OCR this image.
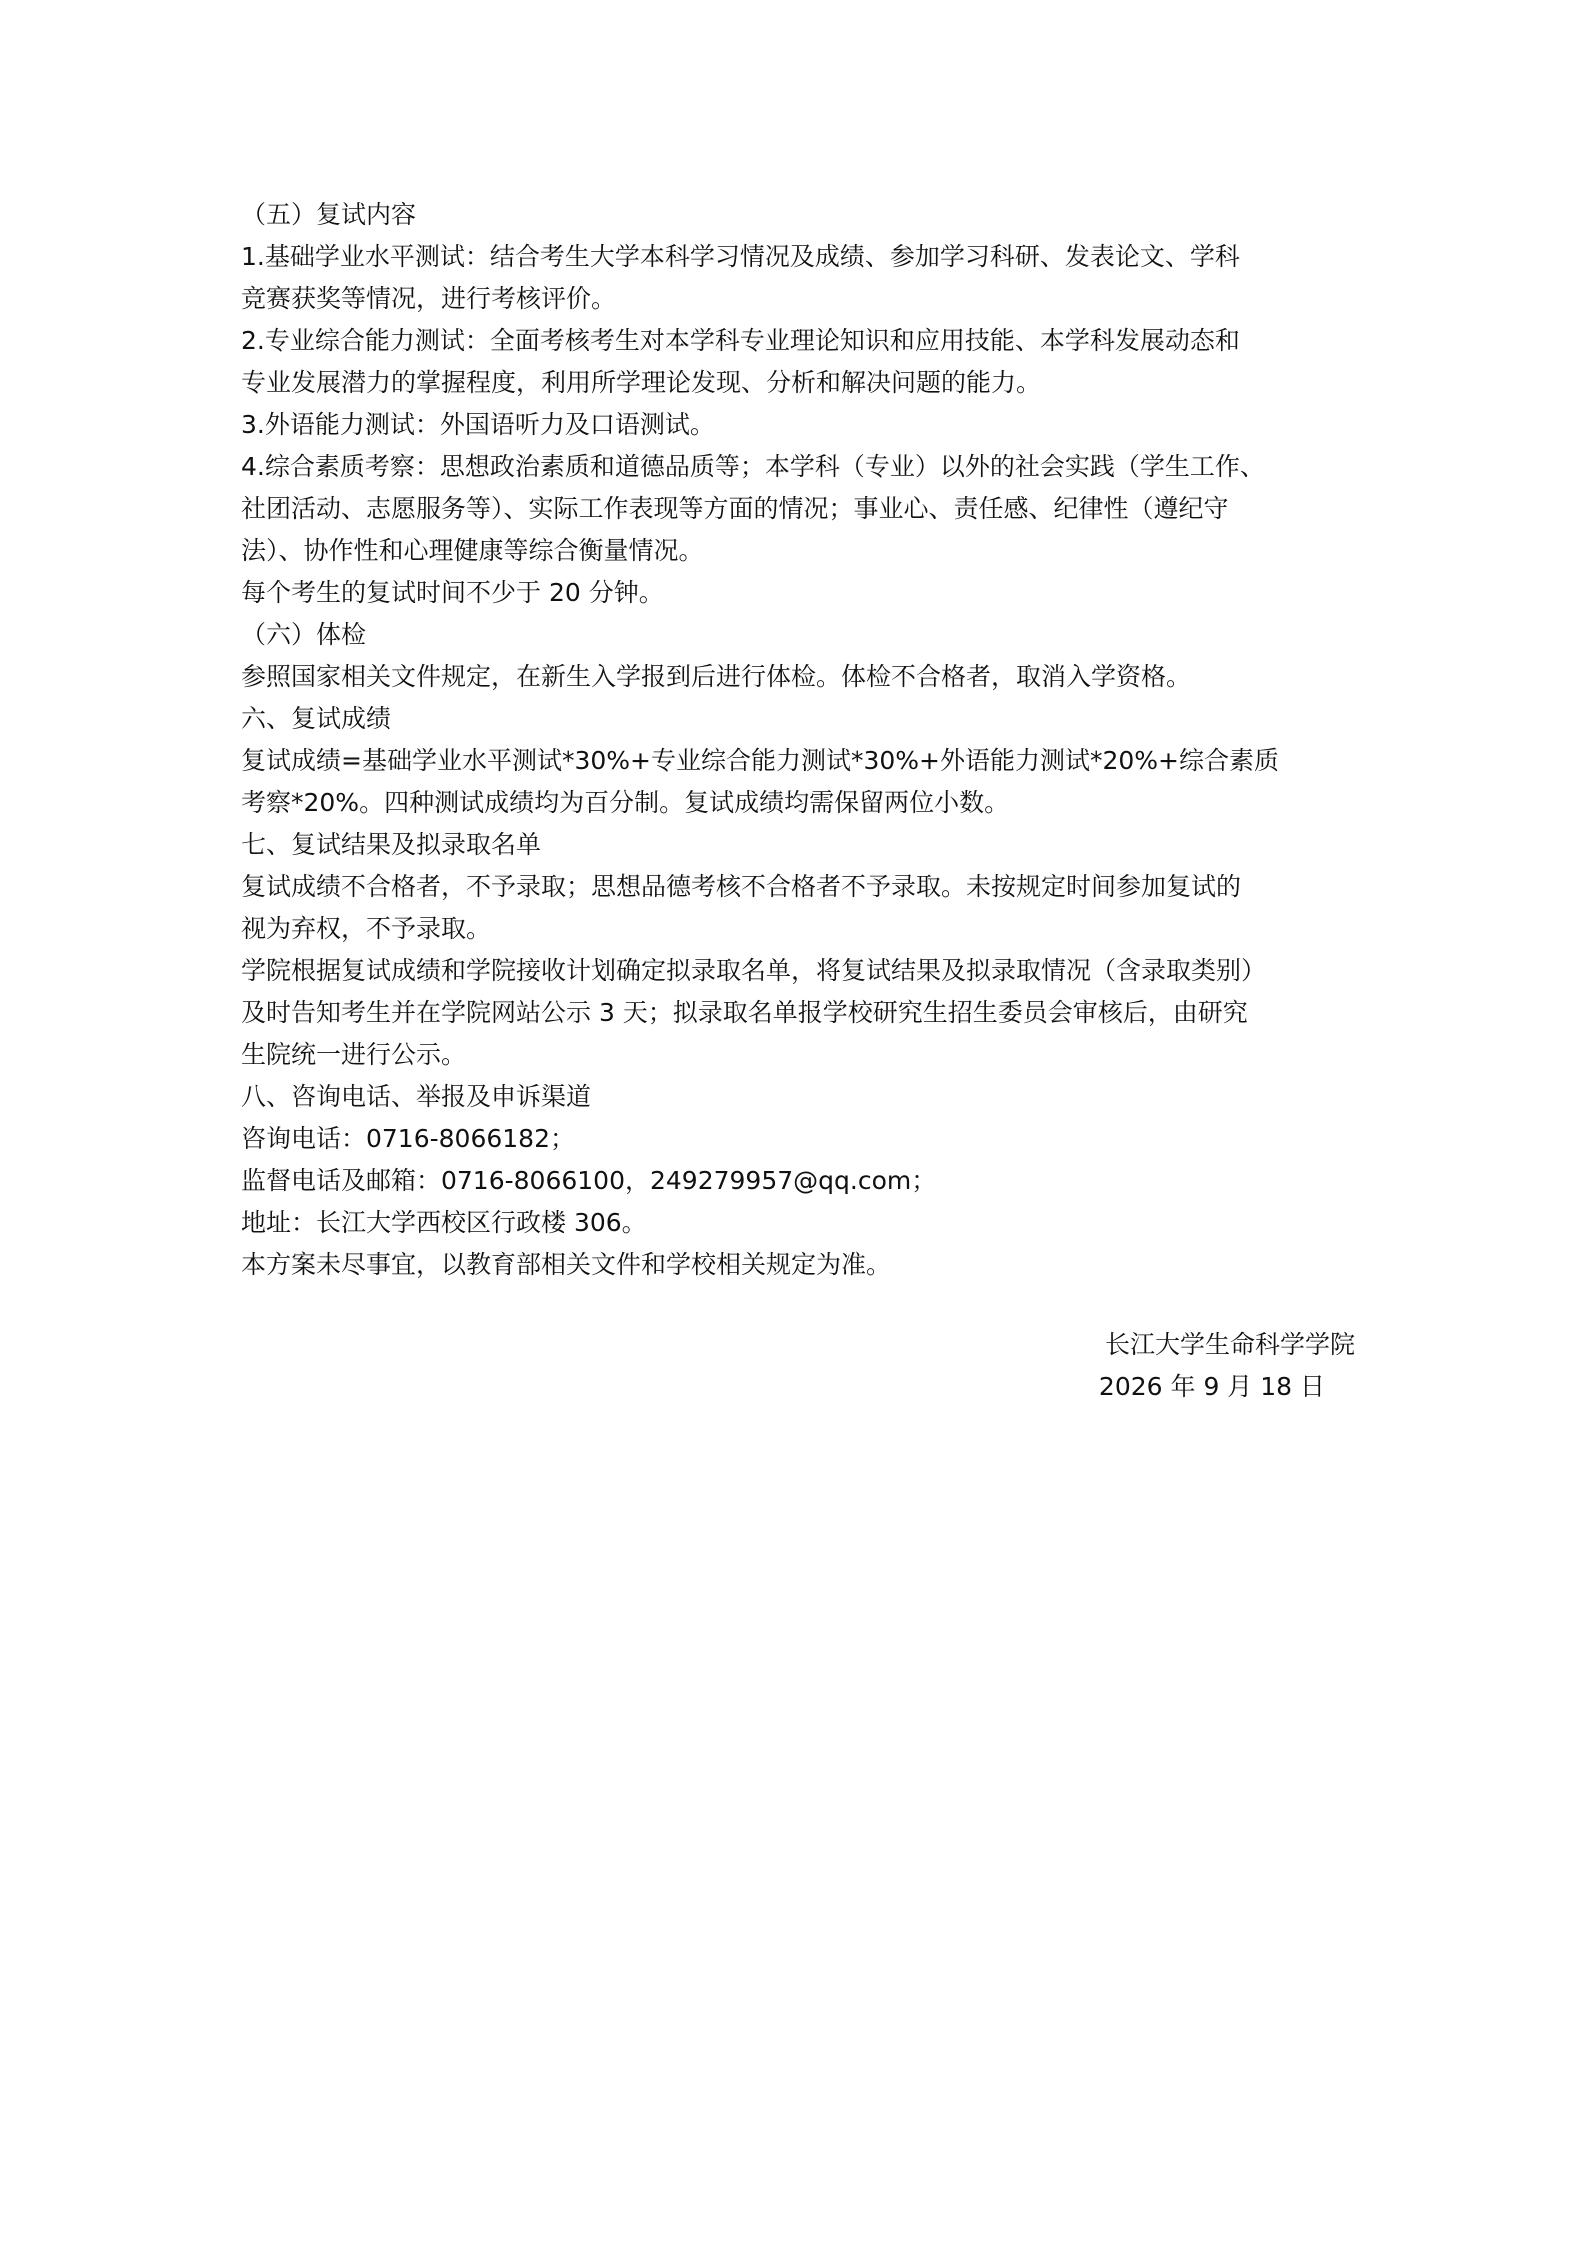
（五）复试内容
1.基础学业水平测试：结合考生大学本科学习情况及成绩、参加学习科研、发表论文、学科
竞赛获奖等情况，进行考核评价。
2.专业综合能力测试：全面考核考生对本学科专业理论知识和应用技能、本学科发展动态和
专业发展潜力的掌握程度，利用所学理论发现、分析和解决问题的能力。
3.外语能力测试：外国语听力及口语测试。
4.综合素质考察：思想政治素质和道德品质等；本学科（专业）以外的社会实践（学生工作、
社团活动、志愿服务等）、实际工作表现等方面的情况；事业心、责任感、纪律性（遵纪守
法）、协作性和心理健康等综合衡量情况。
每个考生的复试时间不少于 20 分钟。
（六）体检
参照国家相关文件规定，在新生入学报到后进行体检。体检不合格者，取消入学资格。
六、复试成绩
复试成绩=基础学业水平测试*30%+专业综合能力测试*30%+外语能力测试*20%+综合素质
考察*20%。四种测试成绩均为百分制。复试成绩均需保留两位小数。
七、复试结果及拟录取名单
复试成绩不合格者，不予录取；思想品德考核不合格者不予录取。未按规定时间参加复试的
视为弃权，不予录取。
学院根据复试成绩和学院接收计划确定拟录取名单，将复试结果及拟录取情况（含录取类别）
及时告知考生并在学院网站公示 3 天；拟录取名单报学校研究生招生委员会审核后，由研究
生院统一进行公示。
八、咨询电话、举报及申诉渠道
咨询电话：0716-8066182；
监督电话及邮箱：0716-8066100，249279957@qq.com；
地址：长江大学西校区行政楼 306。
本方案未尽事宜，以教育部相关文件和学校相关规定为准。
长江大学生命科学学院
2026 年 9 月 18 日
